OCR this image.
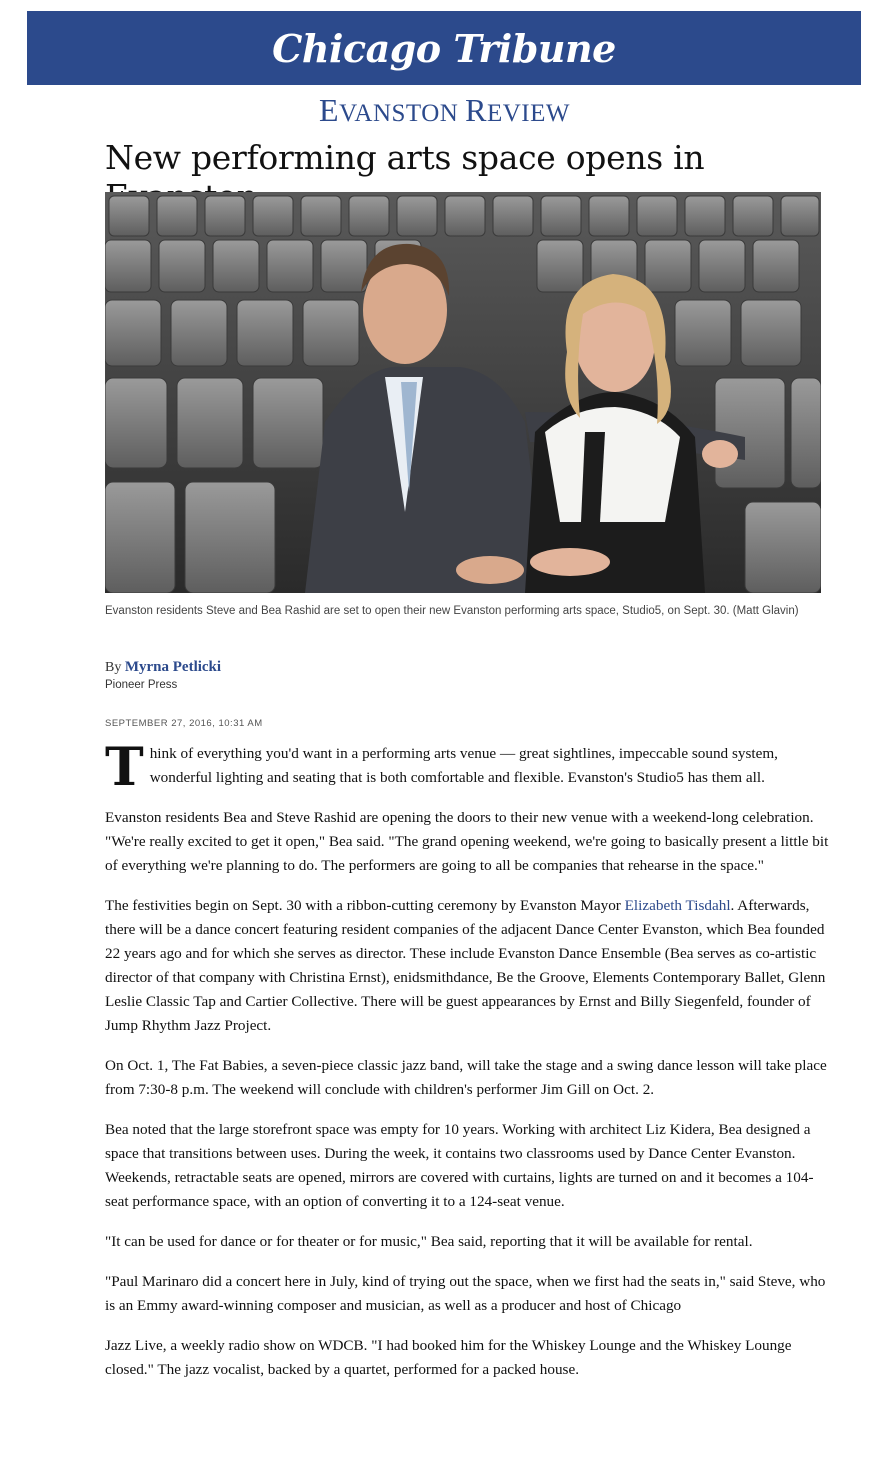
Chicago Tribune
EVANSTON REVIEW
New performing arts space opens in
Evanston residents Steve and Bea Rashid are set to open their new Evanston performing arts space, Studio5, on Sept. 30. (Matt Glavin)
By Myrna Petlicki
Pioneer Press
SEPTEMBER 27, 2016, 10:31 AM

Think of everything you'd want in a performing arts venue — great sightlines, impeccable sound system, wonderful lighting and seating that is both comfortable and flexible. Evanston's Studio5 has them all.

Evanston residents Bea and Steve Rashid are opening the doors to their new venue with a weekend-long celebration. "We're really excited to get it open," Bea said. "The grand opening weekend, we're going to basically present a little bit of everything we're planning to do. The performers are going to all be companies that rehearse in the space."

The festivities begin on Sept. 30 with a ribbon-cutting ceremony by Evanston Mayor Elizabeth Tisdahl. Afterwards, there will be a dance concert featuring resident companies of the adjacent Dance Center Evanston, which Bea founded 22 years ago and for which she serves as director. These include Evanston Dance Ensemble (Bea serves as co-artistic director of that company with Christina Ernst), enidsmithdance, Be the Groove, Elements Contemporary Ballet, Glenn Leslie Classic Tap and Cartier Collective. There will be guest appearances by Ernst and Billy Siegenfeld, founder of Jump Rhythm Jazz Project.

On Oct. 1, The Fat Babies, a seven-piece classic jazz band, will take the stage and a swing dance lesson will take place from 7:30-8 p.m. The weekend will conclude with children's performer Jim Gill on Oct. 2.

Bea noted that the large storefront space was empty for 10 years. Working with architect Liz Kidera, Bea designed a space that transitions between uses. During the week, it contains two classrooms used by Dance Center Evanston. Weekends, retractable seats are opened, mirrors are covered with curtains, lights are turned on and it becomes a 104-seat performance space, with an option of converting it to a 124-seat venue.

"It can be used for dance or for theater or for music," Bea said, reporting that it will be available for rental.

"Paul Marinaro did a concert here in July, kind of trying out the space, when we first had the seats in," said Steve, who is an Emmy award-winning composer and musician, as well as a producer and host of Chicago

Jazz Live, a weekly radio show on WDCB. "I had booked him for the Whiskey Lounge and the Whiskey Lounge closed." The jazz vocalist, backed by a quartet, performed for a packed house.
